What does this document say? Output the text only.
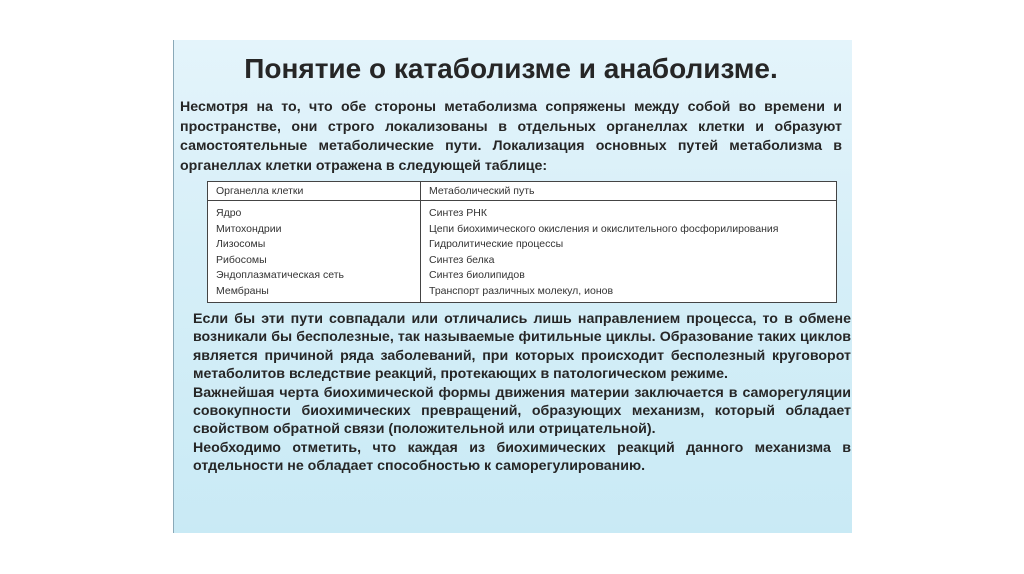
Понятие о катаболизме и анаболизме.
Несмотря на то, что обе стороны метаболизма сопряжены между собой во времени и пространстве, они строго локализованы в отдельных органеллах клетки и образуют самостоятельные метаболические пути. Локализация основных путей метаболизма в органеллах клетки отражена в следующей таблице:
Органелла клетки
Ядро
Митохондрии
Лизосомы
Рибосомы
Эндоплазматическая сеть
Мембраны
Метаболический путь
Синтез РНК
Цепи биохимического окисления и окислительного фосфорилирования
Гидролитические процессы
Синтез белка
Синтез биолипидов
Транспорт различных молекул, ионов

Если бы эти пути совпадали или отличались лишь направлением процесса, то в обмене возникали бы бесполезные, так называемые фитильные циклы. Образование таких циклов является причиной ряда заболеваний, при которых происходит бесполезный круговорот метаболитов вследствие реакций, протекающих в патологическом режиме.

Важнейшая черта биохимической формы движения материи заключается в саморегуляции совокупности биохимических превращений, образующих механизм, который обладает свойством обратной связи (положительной или отрицательной).

Необходимо отметить, что каждая из биохимических реакций данного механизма в отдельности не обладает способностью к саморегулированию.
